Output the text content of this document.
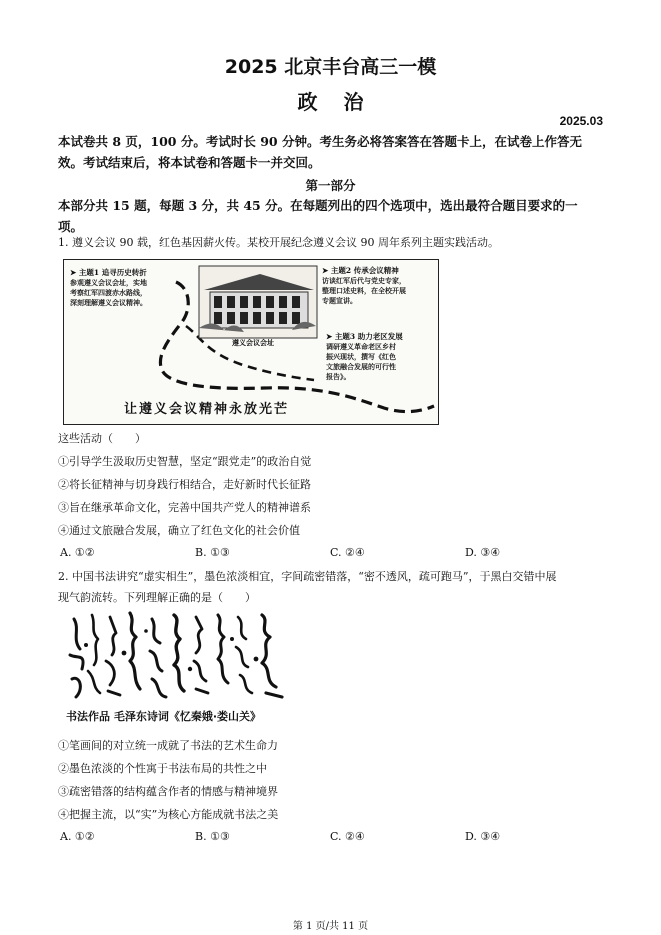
2025 北京丰台高三一模
政治
2025.03
本试卷共 8 页，100 分。考试时长 90 分钟。考生务必将答案答在答题卡上，在试卷上作答无
效。考试结束后，将本试卷和答题卡一并交回。
第一部分
本部分共 15 题，每题 3 分，共 45 分。在每题列出的四个选项中，选出最符合题目要求的一
项。
1. 遵义会议 90 载，红色基因薪火传。某校开展纪念遵义会议 90 周年系列主题实践活动。
遵义会议会址
➤ 主题1 追寻历史转折
参观遵义会议会址，实地
考察红军四渡赤水路线，
深刻理解遵义会议精神。
➤ 主题2 传承会议精神
访谈红军后代与党史专家，
整理口述史料，在全校开展
专题宣讲。
➤ 主题3 助力老区发展
调研遵义革命老区乡村
振兴现状，撰写《红色
文旅融合发展的可行性
报告》。
让遵义会议精神永放光芒
这些活动（　　）
①引导学生汲取历史智慧，坚定“跟党走”的政治自觉
②将长征精神与切身践行相结合，走好新时代长征路
③旨在继承革命文化，完善中国共产党人的精神谱系
④通过文旅融合发展，确立了红色文化的社会价值
A. ①②	B. ①③	C. ②④	D. ③④
2. 中国书法讲究“虚实相生”，墨色浓淡相宜，字间疏密错落，“密不透风，疏可跑马”，于黑白交错中展
现气韵流转。下列理解正确的是（　　）
书法作品 毛泽东诗词《忆秦娥·娄山关》
①笔画间的对立统一成就了书法的艺术生命力
②墨色浓淡的个性寓于书法布局的共性之中
③疏密错落的结构蕴含作者的情感与精神境界
④把握主流，以“实”为核心方能成就书法之美
A. ①②	B. ①③	C. ②④	D. ③④
第 1 页/共 11 页
